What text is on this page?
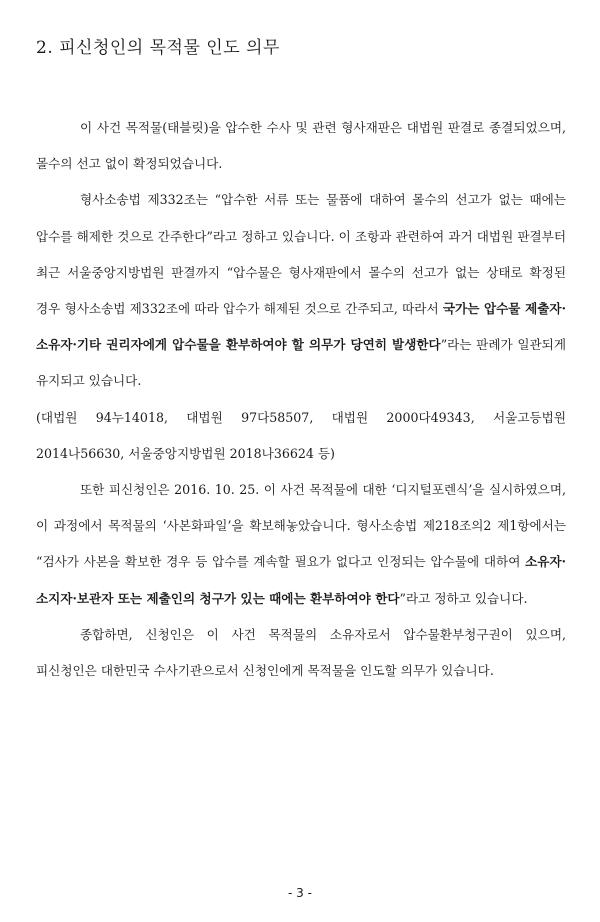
2. 피신청인의 목적물 인도 의무

이 사건 목적물(태블릿)을 압수한 수사 및 관련 형사재판은 대법원 판결로 종결되었으며, 몰수의 선고 없이 확정되었습니다.

형사소송법 제332조는 “압수한 서류 또는 물품에 대하여 몰수의 선고가 없는 때에는 압수를 해제한 것으로 간주한다”라고 정하고 있습니다. 이 조항과 관련하여 과거 대법원 판결부터 최근 서울중앙지방법원 판결까지 “압수물은 형사재판에서 몰수의 선고가 없는 상태로 확정된 경우 형사소송법 제332조에 따라 압수가 해제된 것으로 간주되고, 따라서 국가는 압수물 제출자·소유자·기타 권리자에게 압수물을 환부하여야 할 의무가 당연히 발생한다”라는 판례가 일관되게 유지되고 있습니다.

(대법원 94누14018, 대법원 97다58507, 대법원 2000다49343, 서울고등법원 2014나56630, 서울중앙지방법원 2018나36624 등)

또한 피신청인은 2016. 10. 25. 이 사건 목적물에 대한 ‘디지털포렌식’을 실시하였으며, 이 과정에서 목적물의 ‘사본화파일’을 확보해놓았습니다. 형사소송법 제218조의2 제1항에서는 “검사가 사본을 확보한 경우 등 압수를 계속할 필요가 없다고 인정되는 압수물에 대하여 소유자·소지자·보관자 또는 제출인의 청구가 있는 때에는 환부하여야 한다”라고 정하고 있습니다.

종합하면, 신청인은 이 사건 목적물의 소유자로서 압수물환부청구권이 있으며, 피신청인은 대한민국 수사기관으로서 신청인에게 목적물을 인도할 의무가 있습니다.

- 3 -
